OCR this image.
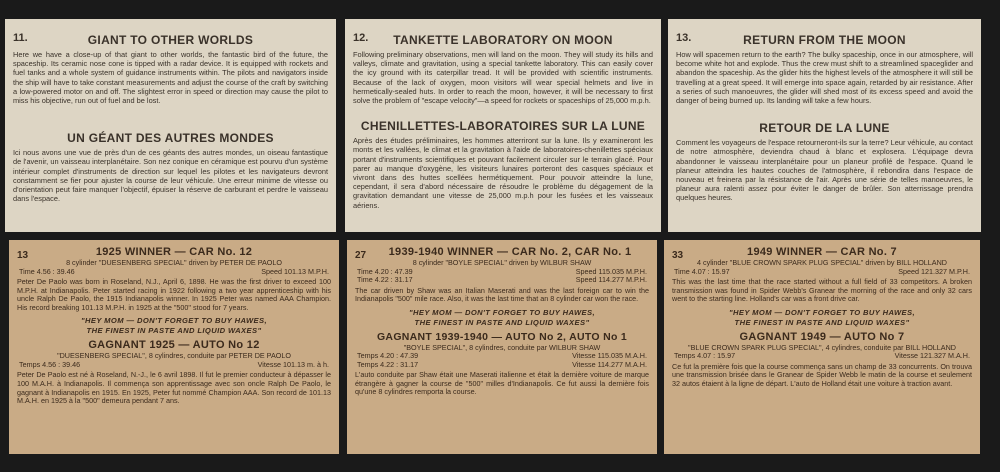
11.	GIANT TO OTHER WORLDS
Here we have a close-up of that giant to other worlds, the fantastic bird of the future, the spaceship. Its ceramic nose cone is tipped with a radar device. It is equipped with rockets and fuel tanks and a whole system of guidance instruments within. The pilots and navigators inside the ship will have to take constant measurements and adjust the course of the craft by switching a low-powered motor on and off. The slightest error in speed or direction may cause the pilot to miss his objective, run out of fuel and be lost.
UN GÉANT DES AUTRES MONDES
Ici nous avons une vue de près d'un de ces géants des autres mondes, un oiseau fantastique de l'avenir, un vaisseau interplanétaire. Son nez conique en céramique est pourvu d'un système intérieur complet d'instruments de direction sur lequel les pilotes et les navigateurs devront constamment se fier pour ajuster la course de leur véhicule. Une erreur minime de vitesse ou d'orientation peut faire manquer l'objectif, épuiser la réserve de carburant et perdre le vaisseau dans l'espace.
12.	TANKETTE LABORATORY ON MOON
Following preliminary observations, men will land on the moon. They will study its hills and valleys, climate and gravitation, using a special tankette laboratory. This can easily cover the icy ground with its caterpillar tread. It will be provided with scientific instruments. Because of the lack of oxygen, moon visitors will wear special helmets and live in hermetically-sealed huts. In order to reach the moon, however, it will be necessary to first solve the problem of "escape velocity"—a speed for rockets or spaceships of 25,000 m.p.h.
CHENILLETTES-LABORATOIRES SUR LA LUNE
Après des études préliminaires, les hommes atterriront sur la lune. Ils y examineront les monts et les vallées, le climat et la gravitation à l'aide de laboratoires-chenillettes spéciaux portant d'instruments scientifiques et pouvant facilement circuler sur le terrain glacé. Pour parer au manque d'oxygène, les visiteurs lunaires porteront des casques spéciaux et vivront dans des huttes scellées hermétiquement. Pour pouvoir atteindre la lune, cependant, il sera d'abord nécessaire de résoudre le problème du dégagement de la gravitation demandant une vitesse de 25,000 m.p.h pour les fusées et les vaisseaux aériens.
13.	RETURN FROM THE MOON
How will spacemen return to the earth? The bulky spaceship, once in our atmosphere, will become white hot and explode. Thus the crew must shift to a streamlined spaceglider and abandon the spaceship. As the glider hits the highest levels of the atmosphere it will still be travelling at a great speed. It will emerge into space again, retarded by air resistance. After a series of such manoeuvres, the glider will shed most of its excess speed and avoid the danger of being burned up. Its landing will take a few hours.
RETOUR DE LA LUNE
Comment les voyageurs de l'espace retourneront-ils sur la terre? Leur véhicule, au contact de notre atmosphère, deviendra chaud à blanc et explosera. L'équipage devra abandonner le vaisseau interplanétaire pour un planeur profilé de l'espace. Quand le planeur atteindra les hautes couches de l'atmosphère, il rebondira dans l'espace de nouveau et freinera par la résistance de l'air. Après une série de telles manoeuvres, le planeur aura ralenti assez pour éviter le danger de brûler. Son atterrissage prendra quelques heures.
13	1925 WINNER — CAR No. 12
8 cylinder "DUESENBERG SPECIAL" driven by PETER DE PAOLO
Time 4.56 : 39.46	Speed 101.13 M.P.H.
Peter De Paolo was born in Roseland, N.J., April 6, 1898. He was the first driver to exceed 100 M.P.H. at Indianapolis. Peter started racing in 1922 following a two year apprenticeship with his uncle Ralph De Paolo, the 1915 Indianapolis winner. In 1925 Peter was named AAA Champion. His record breaking 101.13 M.P.H. in 1925 at the "500" stood for 7 years.
"HEY MOM — DON'T FORGET TO BUY HAWES,
THE FINEST IN PASTE AND LIQUID WAXES"
GAGNANT 1925 — AUTO No 12
"DUESENBERG SPECIAL", 8 cylindres, conduite par PETER DE PAOLO
Temps 4.56 : 39.46	Vitesse 101.13 m. à h.
Peter De Paolo est né à Roseland, N.-J., le 6 avril 1898. Il fut le premier conducteur à dépasser le 100 M.A.H. à Indianapolis. Il commença son apprentissage avec son oncle Ralph De Paolo, le gagnant à Indianapolis en 1915. En 1925, Peter fut nommé Champion AAA. Son record de 101.13 M.A.H. en 1925 à la "500" demeura pendant 7 ans.
27	1939-1940 WINNER — CAR No. 2, CAR No. 1
8 cylinder "BOYLE SPECIAL" driven by WILBUR SHAW
Time 4.20 : 47.39	Speed 115.035 M.P.H.
Time 4.22 : 31.17	Speed 114.277 M.P.H.
The car driven by Shaw was an Italian Maserati and was the last foreign car to win the Indianapolis "500" mile race. Also, it was the last time that an 8 cylinder car won the race.
"HEY MOM — DON'T FORGET TO BUY HAWES,
THE FINEST IN PASTE AND LIQUID WAXES"
GAGNANT 1939-1940 — AUTO No 2, AUTO No 1
"BOYLE SPECIAL", 8 cylindres, conduite par WILBUR SHAW
Temps 4.20 : 47.39	Vitesse 115.035 M.A.H.
Temps 4.22 : 31.17	Vitesse 114.277 M.A.H.
L'auto conduite par Shaw était une Maserati italienne et était la dernière voiture de marque étrangère à gagner la course de "500" milles d'Indianapolis. Ce fut aussi la dernière fois qu'une 8 cylindres remporta la course.
33	1949 WINNER — CAR No. 7
4 cylinder "BLUE CROWN SPARK PLUG SPECIAL" driven by BILL HOLLAND
Time 4.07 : 15.97	Speed 121.327 M.P.H.
This was the last time that the race started without a full field of 33 competitors. A broken transmission was found in Spider Webb's Granear the morning of the race and only 32 cars went to the starting line. Holland's car was a front drive car.
"HEY MOM — DON'T FORGET TO BUY HAWES,
THE FINEST IN PASTE AND LIQUID WAXES"
GAGNANT 1949 — AUTO No 7
"BLUE CROWN SPARK PLUG SPECIAL", 4 cylindres, conduite par BILL HOLLAND
Temps 4.07 : 15.97	Vitesse 121.327 M.A.H.
Ce fut la première fois que la course commença sans un champ de 33 concurrents. On trouva une transmission brisée dans le Granear de Spider Webb le matin de la course et seulement 32 autos étaient à la ligne de départ. L'auto de Holland était une voiture à traction avant.
